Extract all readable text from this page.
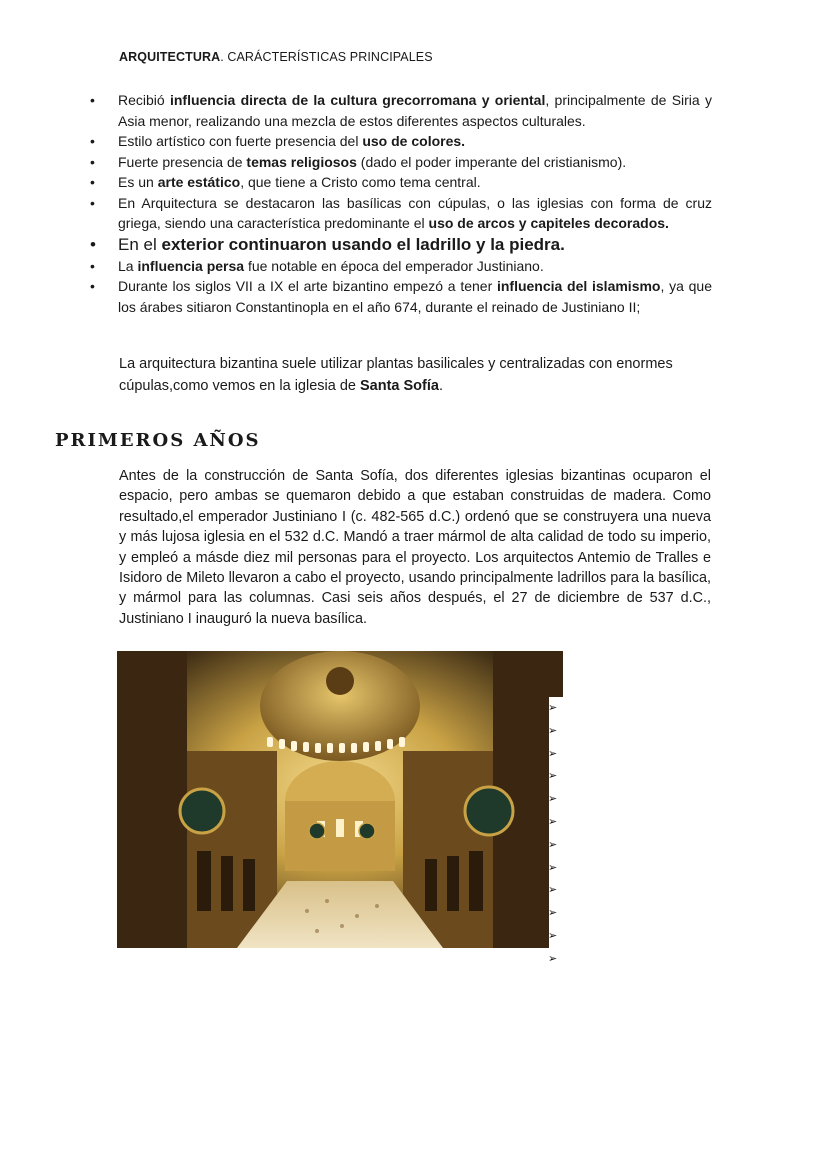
ARQUITECTURA. CARÁCTERÍSTICAS PRINCIPALES
• Recibió influencia directa de la cultura grecorromana y oriental, principalmente de Siria y Asia menor, realizando una mezcla de estos diferentes aspectos culturales.
• Estilo artístico con fuerte presencia del uso de colores.
• Fuerte presencia de temas religiosos (dado el poder imperante del cristianismo).
• Es un arte estático, que tiene a Cristo como tema central.
• En Arquitectura se destacaron las basílicas con cúpulas, o las iglesias con forma de cruz griega, siendo una característica predominante el uso de arcos y capiteles decorados.
• En el exterior continuaron usando el ladrillo y la piedra.
• La influencia persa fue notable en época del emperador Justiniano.
• Durante los siglos VII a IX el arte bizantino empezó a tener influencia del islamismo, ya que los árabes sitiaron Constantinopla en el año 674, durante el reinado de Justiniano II;
La arquitectura bizantina suele utilizar plantas basilicales y centralizadas con enormes cúpulas,como vemos en la iglesia de Santa Sofía.
PRIMEROS AÑOS
Antes de la construcción de Santa Sofía, dos diferentes iglesias bizantinas ocuparon el espacio, pero ambas se quemaron debido a que estaban construidas de madera. Como resultado,el emperador Justiniano I (c. 482-565 d.C.) ordenó que se construyera una nueva y más lujosa iglesia en el 532 d.C. Mandó a traer mármol de alta calidad de todo su imperio, y empleó a másde diez mil personas para el proyecto. Los arquitectos Antemio de Tralles e Isidoro de Mileto llevaron a cabo el proyecto, usando principalmente ladrillos para la basílica, y mármol para las columnas. Casi seis años después, el 27 de diciembre de 537 d.C., Justiniano I inauguró la nueva basílica.
➢
➢
➢
➢
➢
➢
➢
➢
➢
➢
➢
➢
